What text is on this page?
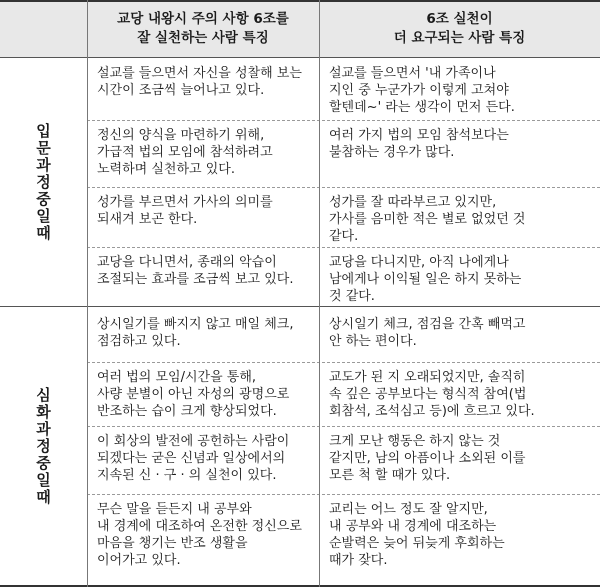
교당 내왕시 주의 사항 6조를
잘 실천하는 사람 특징
6조 실천이
더 요구되는 사람 특징
입문과정 중일때
심화과정 중일때
설교를 들으면서 자신을 성찰해 보는
시간이 조금씩 늘어나고 있다.
설교를 들으면서 '내 가족이나
지인 중 누군가가 이렇게 고쳐야
할텐데~' 라는 생각이 먼저 든다.
정신의 양식을 마련하기 위해,
가급적 법의 모임에 참석하려고
노력하며 실천하고 있다.
여러 가지 법의 모임 참석보다는
불참하는 경우가 많다.
성가를 부르면서 가사의 의미를
되새겨 보곤 한다.
성가를 잘 따라부르고 있지만,
가사를 음미한 적은 별로 없었던 것
같다.
교당을 다니면서, 종래의 악습이
조절되는 효과를 조금씩 보고 있다.
교당을 다니지만, 아직 나에게나
남에게나 이익될 일은 하지 못하는
것 같다.
상시일기를 빠지지 않고 매일 체크,
점검하고 있다.
상시일기 체크, 점검을 간혹 빼먹고
안 하는 편이다.
여러 법의 모임/시간을 통해,
사량 분별이 아닌 자성의 광명으로
반조하는 습이 크게 향상되었다.
교도가 된 지 오래되었지만, 솔직히
속 깊은 공부보다는 형식적 참여(법
회참석, 조석심고 등)에 흐르고 있다.
이 회상의 발전에 공헌하는 사람이
되겠다는 굳은 신념과 일상에서의
지속된 신 · 구 · 의 실천이 있다.
크게 모난 행동은 하지 않는 것
같지만, 남의 아픔이나 소외된 이를
모른 척 할 때가 있다.
무슨 말을 듣든지 내 공부와
내 경계에 대조하여 온전한 정신으로
마음을 챙기는 반조 생활을
이어가고 있다.
교리는 어느 정도 잘 알지만,
내 공부와 내 경계에 대조하는
순발력은 늦어 뒤늦게 후회하는
때가 잦다.
